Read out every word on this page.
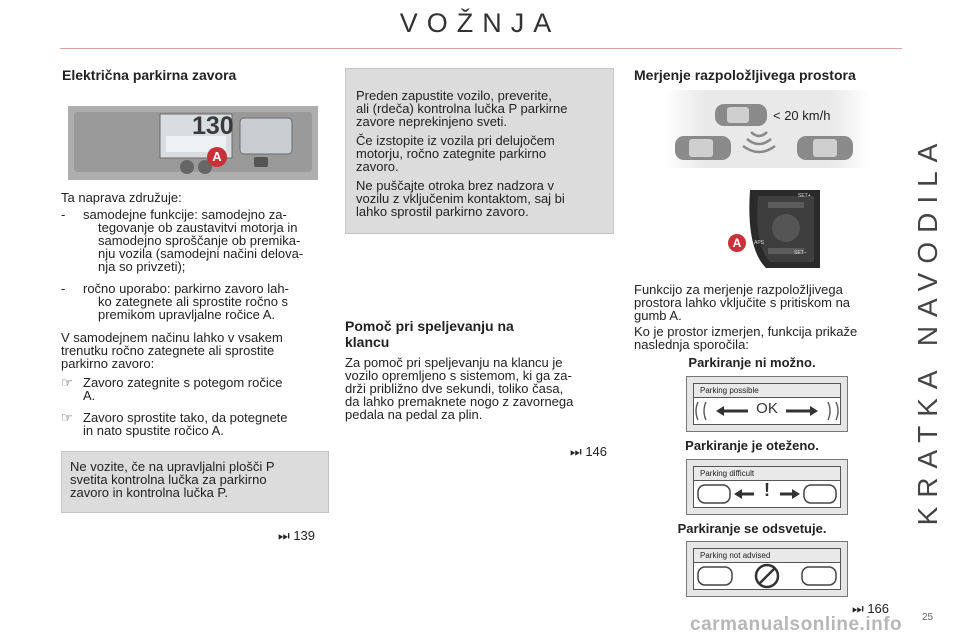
VOŽNJA
KRATKA NAVODILA
Električna parkirna zavora
130
A

Ta naprava združuje:

-	samodejne funkcije: samodejno za-

tegovanje ob zaustavitvi motorja in

samodejno sproščanje ob premika-

nju vozila (samodejni načini delova-

nja so privzeti);

-	ročno uporabo: parkirno zavoro lah-

ko zategnete ali sprostite ročno s

premikom upravljalne ročice A.

V samodejnem načinu lahko v vsakem

trenutku ročno zategnete ali sprostite

parkirno zavoro:

☞ Zavoro zategnite s potegom ročice

A.

☞ Zavoro sprostite tako, da potegnete

in nato spustite ročico A.

Ne vozite, če na upravljalni plošči P

svetita kontrolna lučka za parkirno

zavoro in kontrolna lučka P.

⏭ 139

Preden zapustite vozilo, preverite,

ali (rdeča) kontrolna lučka P parkirne

zavore neprekinjeno sveti.

Če izstopite iz vozila pri delujočem

motorju, ročno zategnite parkirno

zavoro.

Ne puščajte otroka brez nadzora v

vozilu z vključenim kontaktom, saj bi

lahko sprostil parkirno zavoro.

Pomoč pri speljevanju na
klancu

Za pomoč pri speljevanju na klancu je

vozilo opremljeno s sistemom, ki ga za-

drži približno dve sekundi, toliko časa,

da lahko premaknete nogo z zavornega

pedala na pedal za plin.

⏭ 146
Merjenje razpoložljivega prostora
< 20 km/h
SET+
SET–
APS
A

Funkcijo za merjenje razpoložljivega

prostora lahko vključite s pritiskom na

gumb A.

Ko je prostor izmerjen, funkcija prikaže

naslednja sporočila:

Parkiranje ni možno.
Parking possible
OK
Parkiranje je oteženo.
Parking difficult
!
Parkiranje se odsvetuje.
Parking not advised
⏭ 166
25
carmanualsonline.info
